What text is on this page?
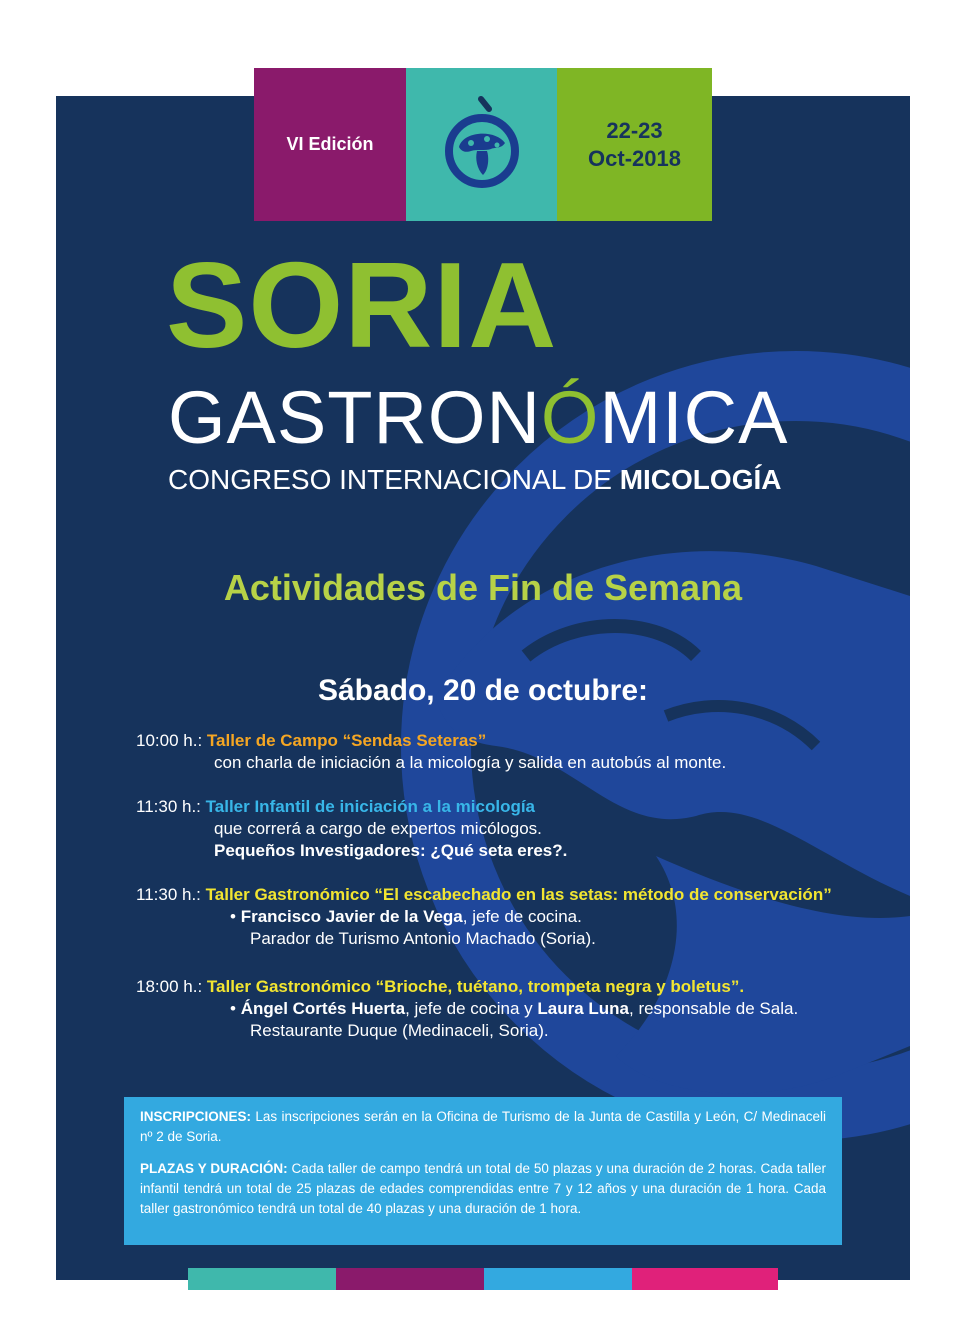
VI Edición
22-23
Oct-2018
SORIA
GASTRONÓMICA
CONGRESO INTERNACIONAL DE MICOLOGÍA
Actividades de Fin de Semana
Sábado, 20 de octubre:
10:00 h.: Taller de Campo “Sendas Seteras”
con charla de iniciación a la micología y salida en autobús al monte.
11:30 h.: Taller Infantil de iniciación a la micología
que correrá a cargo de expertos micólogos.
Pequeños Investigadores: ¿Qué seta eres?.
11:30 h.: Taller Gastronómico “El escabechado en las setas: método de conservación”
• Francisco Javier de la Vega, jefe de cocina.
Parador de Turismo Antonio Machado (Soria).
18:00 h.: Taller Gastronómico “Brioche, tuétano, trompeta negra y boletus”.
• Ángel Cortés Huerta, jefe de cocina y Laura Luna, responsable de Sala.
Restaurante Duque (Medinaceli, Soria).

INSCRIPCIONES: Las inscripciones serán en la Oficina de Turismo de la Junta de Castilla y León, C/ Medinaceli nº 2 de Soria.

PLAZAS Y DURACIÓN: Cada taller de campo tendrá un total de 50 plazas y una duración de 2 horas. Cada taller infantil tendrá un total de 25 plazas de edades comprendidas entre 7 y 12 años y una duración de 1 hora. Cada taller gastronómico tendrá un total de 40 plazas y una duración de 1 hora.
